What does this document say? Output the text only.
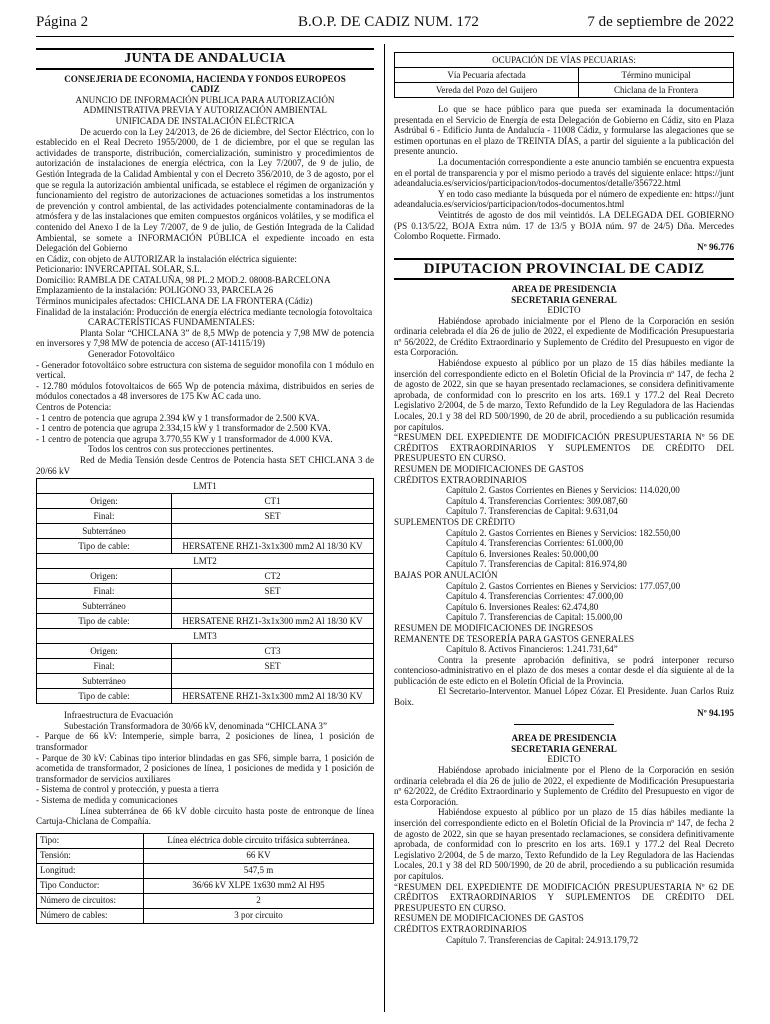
Página 2	B.O.P. DE CADIZ NUM. 172	7 de septiembre de 2022
JUNTA DE ANDALUCIA
CONSEJERIA DE ECONOMIA, HACIENDA Y FONDOS EUROPEOS
CADIZ
ANUNCIO DE INFORMACIÓN PUBLICA PARA AUTORIZACIÓN
ADMINISTRATIVA PREVIA Y AUTORIZACIÓN AMBIENTAL
UNIFICADA DE INSTALACIÓN ELÉCTRICA

De acuerdo con la Ley 24/2013, de 26 de diciembre, del Sector Eléctrico, con lo establecido en el Real Decreto 1955/2000, de 1 de diciembre, por el que se regulan las actividades de transporte, distribución, comercialización, suministro y procedimientos de autorización de instalaciones de energía eléctrica, con la Ley 7/2007, de 9 de julio, de Gestión Integrada de la Calidad Ambiental y con el Decreto 356/2010, de 3 de agosto, por el que se regula la autorización ambiental unificada, se establece el régimen de organización y funcionamiento del registro de autorizaciones de actuaciones sometidas a los instrumentos de prevención y control ambiental, de las actividades potencialmente contaminadoras de la atmósfera y de las instalaciones que emiten compuestos orgánicos volátiles, y se modifica el contenido del Anexo I de la Ley 7/2007, de 9 de julio, de Gestión Integrada de la Calidad Ambiental, se somete a INFORMACIÓN PÚBLICA el expediente incoado en esta Delegación del Gobierno

en Cádiz, con objeto de AUTORIZAR la instalación eléctrica siguiente:
Peticionario: INVERCAPITAL SOLAR, S.L.
Domicilio: RAMBLA DE CATALUÑA, 98 PL.2 MOD.2. 08008-BARCELONA
Emplazamiento de la instalación: POLIGONO 33, PARCELA 26
Términos municipales afectados: CHICLANA DE LA FRONTERA (Cádiz)
Finalidad de la instalación: Producción de energía eléctrica mediante tecnología fotovoltaica
CARACTERÍSTICAS FUNDAMENTALES:

Planta Solar “CHICLANA 3” de 8,5 MWp de potencia y 7,98 MW de potencia en inversores y 7,98 MW de potencia de acceso (AT-14115/19)

Generador Fotovoltáico
- Generador fotovoltáico sobre estructura con sistema de seguidor monofila con 1 módulo en vertical.
- 12.780 módulos fotovoltaicos de 665 Wp de potencia máxima, distribuidos en series de módulos conectados a 48 inversores de 175 Kw AC cada uno.
Centros de Potencia:
- 1 centro de potencia que agrupa 2.394 kW y 1 transformador de 2.500 KVA.
- 1 centro de potencia que agrupa 2.334,15 kW y 1 transformador de 2.500 KVA.
- 1 centro de potencia que agrupa 3.770,55 KW y 1 transformador de 4.000 KVA.
Todos los centros con sus protecciones pertinentes.

Red de Media Tensión desde Centros de Potencia hasta SET CHICLANA 3 de 20/66 kV

LMT1	
Origen:	CT1
Final:	SET
Subterráneo	
Tipo de cable:	HERSATENE RHZ1-3x1x300 mm2 Al 18/30 KV
LMT2	
Origen:	CT2
Final:	SET
Subterráneo	
Tipo de cable:	HERSATENE RHZ1-3x1x300 mm2 Al 18/30 KV
LMT3	
Origen:	CT3
Final:	SET
Subterráneo	
Tipo de cable:	HERSATENE RHZ1-3x1x300 mm2 Al 18/30 KV
Infraestructura de Evacuación
Subestación Transformadora de 30/66 kV, denominada “CHICLANA 3”
- Parque de 66 kV: Intemperie, simple barra, 2 posiciones de línea, 1 posición de transformador
- Parque de 30 kV: Cabinas tipo interior blindadas en gas SF6, simple barra, 1 posición de acometida de transformador, 2 posiciones de línea, 1 posiciones de medida y 1 posición de transformador de servicios auxiliares
- Sistema de control y protección, y puesta a tierra
- Sistema de medida y comunicaciones

Línea subterránea de 66 kV doble circuito hasta poste de entronque de línea Cartuja-Chiclana de Compañía.

Tipo:	Línea eléctrica doble circuito trifásica subterránea.
Tensión:	66 KV
Longitud:	547,5 m
Tipo Conductor:	36/66 kV XLPE 1x630 mm2 Al H95
Número de circuitos:	2
Número de cables:	3 por circuito
OCUPACIÓN DE VÍAS PECUARIAS:	
Vía Pecuaria afectada	Término municipal
Vereda del Pozo del Guijero	Chiclana de la Frontera

Lo que se hace público para que pueda ser examinada la documentación presentada en el Servicio de Energía de esta Delegación de Gobierno en Cádiz, sito en Plaza Asdrúbal 6 - Edificio Junta de Andalucía - 11008 Cádiz, y formularse las alegaciones que se estimen oportunas en el plazo de TREINTA DÍAS, a partir del siguiente a la publicación del presente anuncio.

La documentación correspondiente a este anuncio también se encuentra expuesta en el portal de transparencia y por el mismo periodo a través del siguiente enlace: https://juntadeandalucia.es/servicios/participacion/todos-documentos/detalle/356722.html

Y en todo caso mediante la búsqueda por el número de expediente en: https://juntadeandalucia.es/servicios/participacion/todos-documentos.html

Veintitrés de agosto de dos mil veintidós. LA DELEGADA DEL GOBIERNO (PS 0.13/5/22, BOJA Extra núm. 17 de 13/5 y BOJA núm. 97 de 24/5) Dña. Mercedes Colombo Roquette. Firmado.

Nº 96.776
DIPUTACION PROVINCIAL DE CADIZ
AREA DE PRESIDENCIA
SECRETARIA GENERAL
EDICTO

Habiéndose aprobado inicialmente por el Pleno de la Corporación en sesión ordinaria celebrada el día 26 de julio de 2022, el expediente de Modificación Presupuestaria nº 56/2022, de Crédito Extraordinario y Suplemento de Crédito del Presupuesto en vigor de esta Corporación.

Habiéndose expuesto al público por un plazo de 15 días hábiles mediante la inserción del correspondiente edicto en el Boletín Oficial de la Provincia nº 147, de fecha 2 de agosto de 2022, sin que se hayan presentado reclamaciones, se considera definitivamente aprobada, de conformidad con lo prescrito en los arts. 169.1 y 177.2 del Real Decreto Legislativo 2/2004, de 5 de marzo, Texto Refundido de la Ley Reguladora de las Haciendas Locales, 20.1 y 38 del RD 500/1990, de 20 de abril, procediendo a su publicación resumida por capítulos.

“RESUMEN DEL EXPEDIENTE DE MODIFICACIÓN PRESUPUESTARIA Nº 56 DE CRÉDITOS EXTRAORDINARIOS Y SUPLEMENTOS DE CRÉDITO DEL PRESUPUESTO EN CURSO.

RESUMEN DE MODIFICACIONES DE GASTOS
CRÉDITOS EXTRAORDINARIOS
Capítulo 2. Gastos Corrientes en Bienes y Servicios: 114.020,00
Capítulo 4. Transferencias Corrientes: 309.087,60
Capítulo 7. Transferencias de Capital: 9.631,04
SUPLEMENTOS DE CRÉDITO
Capítulo 2. Gastos Corrientes en Bienes y Servicios: 182.550,00
Capítulo 4. Transferencias Corrientes: 61.000,00
Capítulo 6. Inversiones Reales: 50.000,00
Capítulo 7. Transferencias de Capital: 816.974,80
BAJAS POR ANULACIÓN
Capítulo 2. Gastos Corrientes en Bienes y Servicios: 177.057,00
Capítulo 4. Transferencias Corrientes: 47.000,00
Capítulo 6. Inversiones Reales: 62.474,80
Capítulo 7. Transferencias de Capital: 15.000,00
RESUMEN DE MODIFICACIONES DE INGRESOS
REMANENTE DE TESORERÍA PARA GASTOS GENERALES
Capítulo 8. Activos Financieros: 1.241.731,64”

Contra la presente aprobación definitiva, se podrá interponer recurso contencioso-administrativo en el plazo de dos meses a contar desde el día siguiente al de la publicación de este edicto en el Boletín Oficial de la Provincia.

El Secretario-Interventor. Manuel López Cózar. El Presidente. Juan Carlos Ruiz Boix.

Nº 94.195
AREA DE PRESIDENCIA
SECRETARIA GENERAL
EDICTO

Habiéndose aprobado inicialmente por el Pleno de la Corporación en sesión ordinaria celebrada el día 26 de julio de 2022, el expediente de Modificación Presupuestaria nº 62/2022, de Crédito Extraordinario y Suplemento de Crédito del Presupuesto en vigor de esta Corporación.

Habiéndose expuesto al público por un plazo de 15 días hábiles mediante la inserción del correspondiente edicto en el Boletín Oficial de la Provincia nº 147, de fecha 2 de agosto de 2022, sin que se hayan presentado reclamaciones, se considera definitivamente aprobada, de conformidad con lo prescrito en los arts. 169.1 y 177.2 del Real Decreto Legislativo 2/2004, de 5 de marzo, Texto Refundido de la Ley Reguladora de las Haciendas Locales, 20.1 y 38 del RD 500/1990, de 20 de abril, procediendo a su publicación resumida por capítulos.

“RESUMEN DEL EXPEDIENTE DE MODIFICACIÓN PRESUPUESTARIA Nº 62 DE CRÉDITOS EXTRAORDINARIOS Y SUPLEMENTOS DE CRÉDITO DEL PRESUPUESTO EN CURSO.

RESUMEN DE MODIFICACIONES DE GASTOS
CRÉDITOS EXTRAORDINARIOS
Capítulo 7. Transferencias de Capital: 24.913.179,72
